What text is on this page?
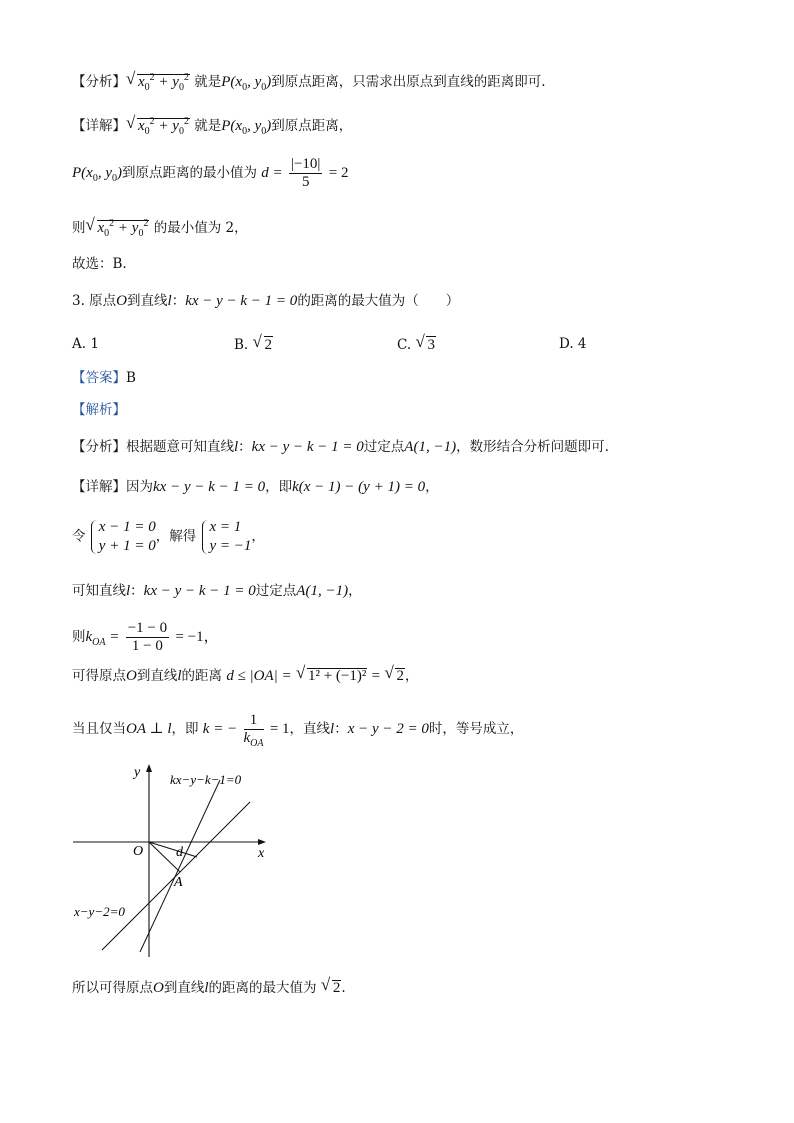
【分析】 √ $x_0^2 + y_0^2$ 就是$P(x_0$, $y_0$)到原点距离，只需求出原点到直线的距离即可.
【详解】 √ $x_0^2 + y_0^2$ 就是$P(x_0$, $y_0$)到原点距离，
$P(x_0$, $y_0$)到原点距离的最小值为 $d = \frac{|-10|}{5} = 2$
则 √ $x_0^2 + y_0^2$ 的最小值为 2，
故选：B.
3. 原点O到直线l：kx − y − k − 1 = 0的距离的最大值为（　　）
A. 1	B. √ 2	C. √ 3	D. 4
【答案】B
【解析】
【分析】根据题意可知直线l：kx − y − k − 1 = 0过定点A(1, −1)，数形结合分析问题即可.
【详解】因为kx − y − k − 1 = 0，即k(x − 1) − (y + 1) = 0，
令
x − 1 = 0
y + 1 = 0
，解得
x = 1
y = −1
，
可知直线l：kx − y − k − 1 = 0过定点A(1, −1)，
则$k_{OA} = \frac{-1 - 0}{1 - 0} = -1$，
可得原点O到直线l的距离 d ≤ |OA| = √ 1² + (−1)² = √ 2，
当且仅当OA ⊥ l，即 k = − $\frac{1}{k_{OA}} = 1$，直线l：x − y − 2 = 0时，等号成立，
y
x
O d
A
kx−y−k−1=0
x−y−2=0
所以可得原点O到直线l的距离的最大值为 √ 2.
